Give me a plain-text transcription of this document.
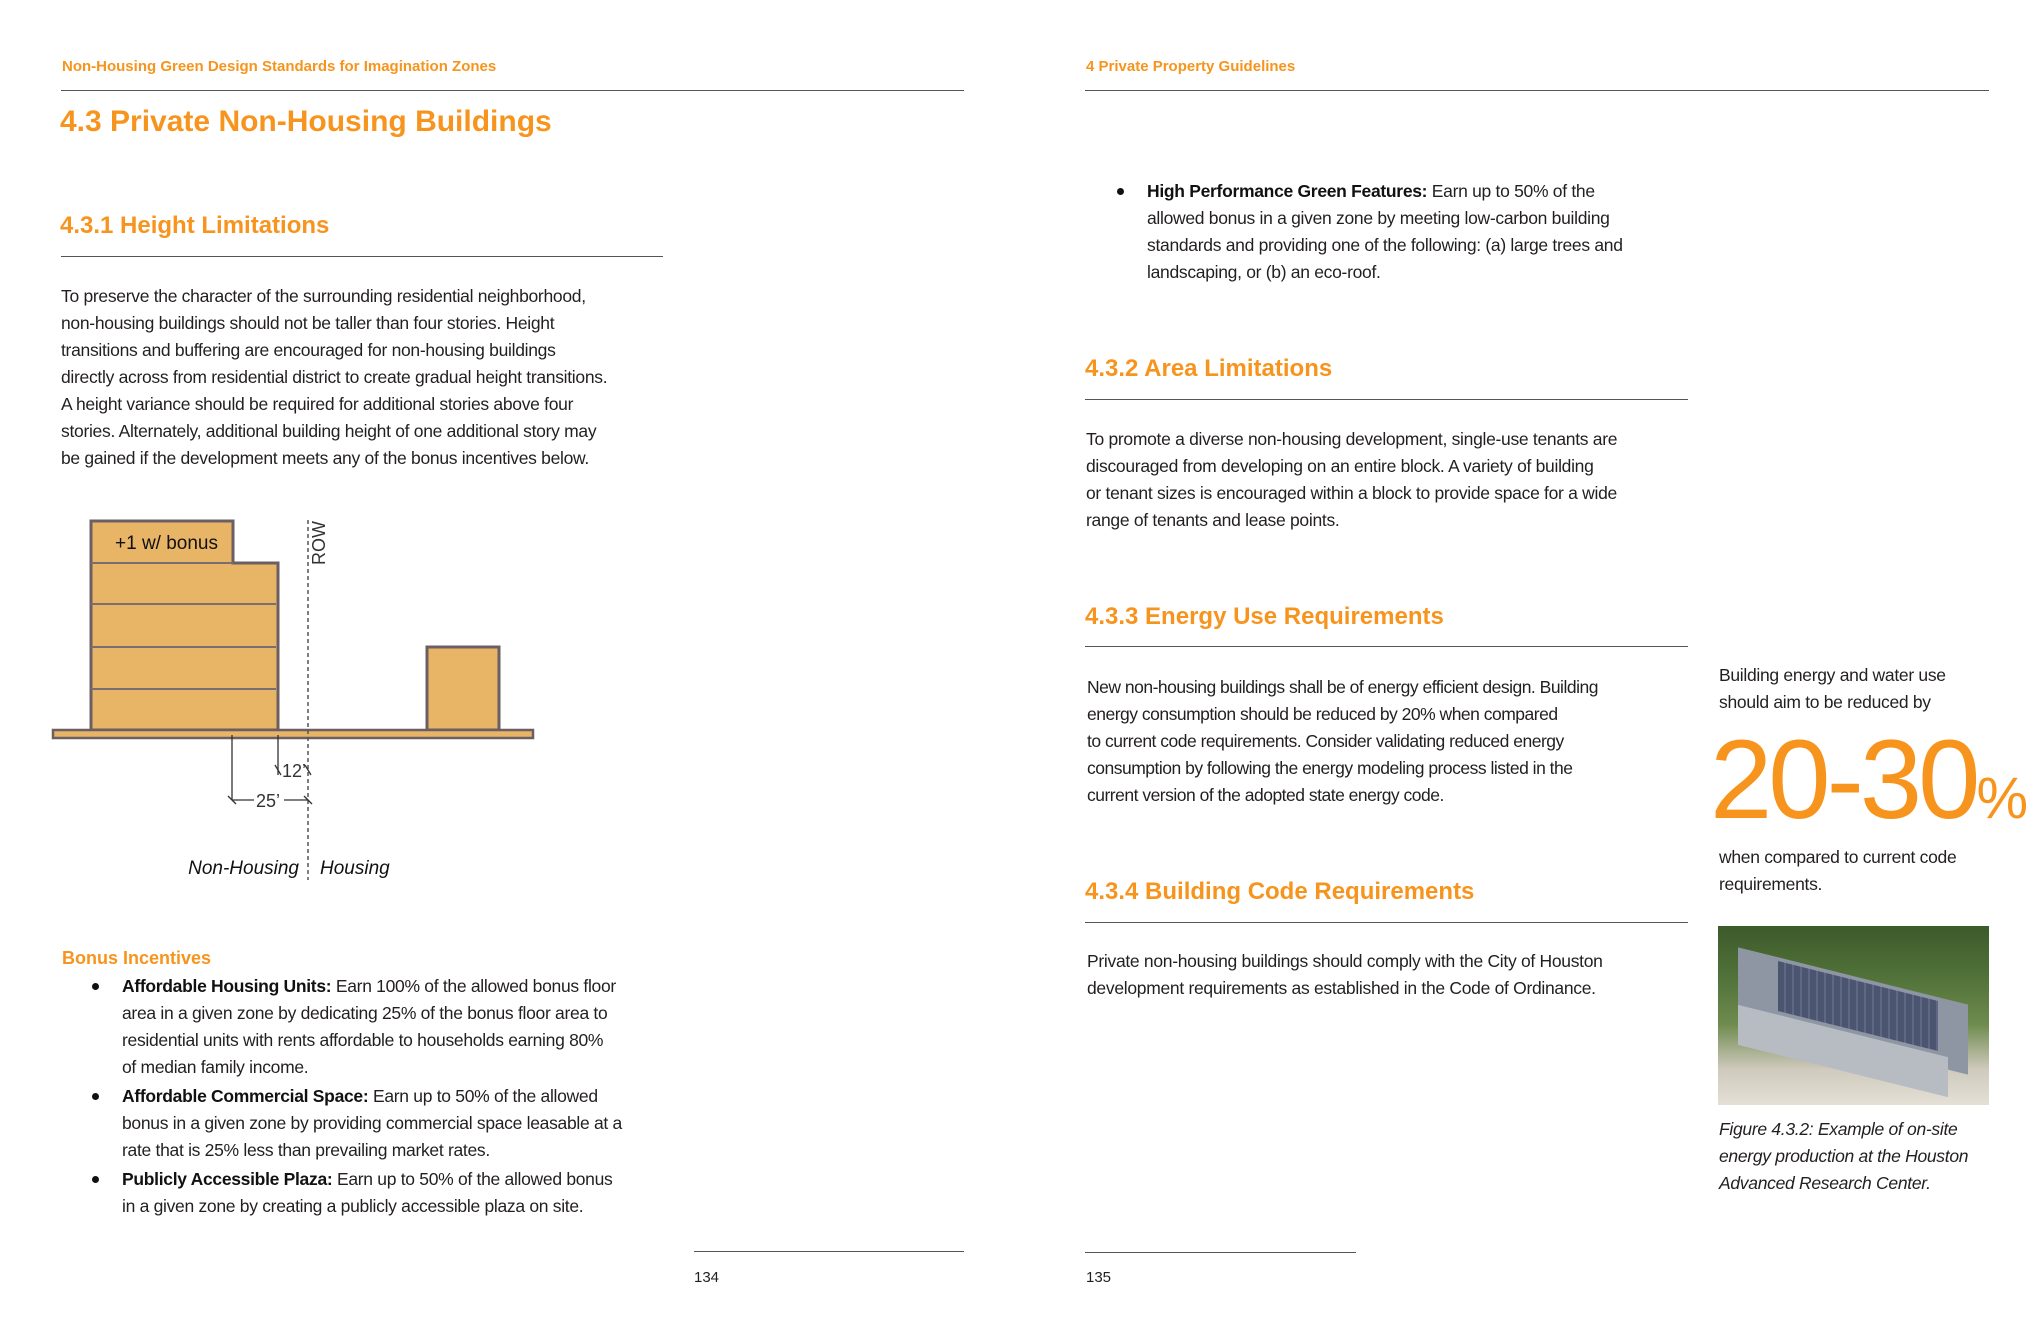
Non-Housing Green Design Standards for Imagination Zones
4.3 Private Non-Housing Buildings
4.3.1 Height Limitations
To preserve the character of the surrounding residential neighborhood,
non-housing buildings should not be taller than four stories. Height
transitions and buffering are encouraged for non-housing buildings
directly across from residential district to create gradual height transitions.
A height variance should be required for additional stories above four
stories. Alternately, additional building height of one additional story may
be gained if the development meets any of the bonus incentives below.
ROW
+1 w/ bonus
12’
25’
Non-Housing Housing
Bonus Incentives
Affordable Housing Units: Earn 100% of the allowed bonus floor
area in a given zone by dedicating 25% of the bonus floor area to
residential units with rents affordable to households earning 80%
of median family income.
Affordable Commercial Space: Earn up to 50% of the allowed
bonus in a given zone by providing commercial space leasable at a
rate that is 25% less than prevailing market rates.
Publicly Accessible Plaza: Earn up to 50% of the allowed bonus
in a given zone by creating a publicly accessible plaza on site.
134
4 Private Property Guidelines
High Performance Green Features: Earn up to 50% of the
allowed bonus in a given zone by meeting low-carbon building
standards and providing one of the following: (a) large trees and
landscaping, or (b) an eco-roof.
4.3.2 Area Limitations
To promote a diverse non-housing development, single-use tenants are
discouraged from developing on an entire block. A variety of building
or tenant sizes is encouraged within a block to provide space for a wide
range of tenants and lease points.
4.3.3 Energy Use Requirements
New non-housing buildings shall be of energy efficient design. Building
energy consumption should be reduced by 20% when compared
to current code requirements. Consider validating reduced energy
consumption by following the energy modeling process listed in the
current version of the adopted state energy code.
4.3.4 Building Code Requirements
Private non-housing buildings should comply with the City of Houston
development requirements as established in the Code of Ordinance.
Building energy and water use
should aim to be reduced by
20-30%
when compared to current code
requirements.
Figure 4.3.2: Example of on-site
energy production at the Houston
Advanced Research Center.
135
